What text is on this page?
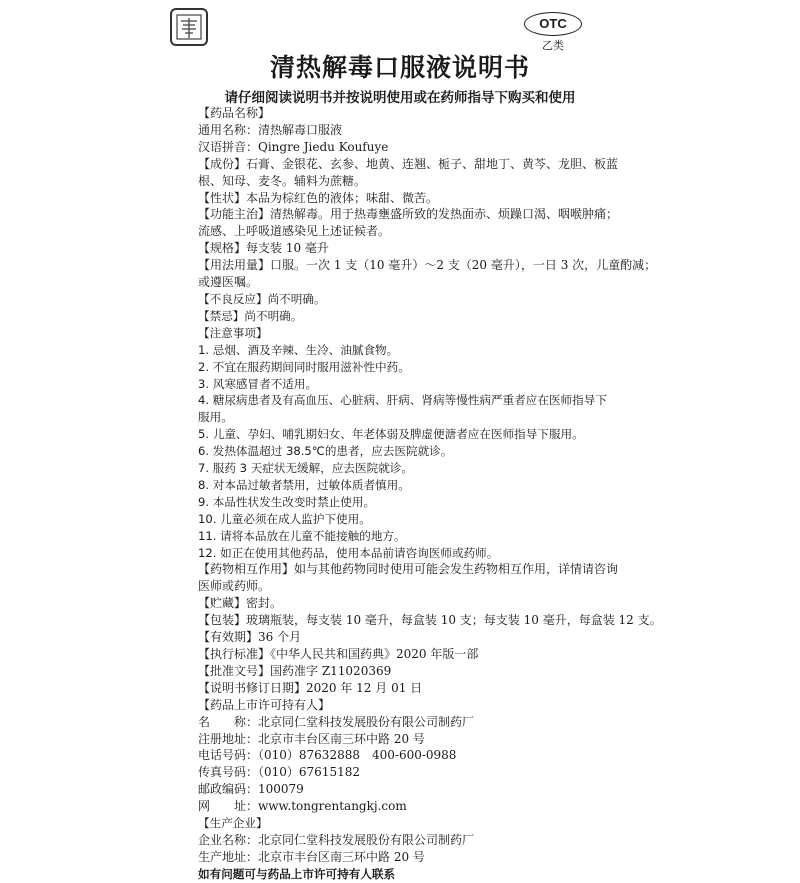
OTC
乙类
清热解毒口服液说明书
请仔细阅读说明书并按说明使用或在药师指导下购买和使用
【药品名称】
通用名称：清热解毒口服液
汉语拼音：Qingre Jiedu Koufuye
【成份】石膏、金银花、玄参、地黄、连翘、栀子、甜地丁、黄芩、龙胆、板蓝
根、知母、麦冬。辅料为蔗糖。
【性状】本品为棕红色的液体；味甜、微苦。
【功能主治】清热解毒。用于热毒壅盛所致的发热面赤、烦躁口渴、咽喉肿痛；
流感、上呼吸道感染见上述证候者。
【规格】每支装 10 毫升
【用法用量】口服。一次 1 支（10 毫升）～2 支（20 毫升），一日 3 次，儿童酌减；
或遵医嘱。
【不良反应】尚不明确。
【禁忌】尚不明确。
【注意事项】
1. 忌烟、酒及辛辣、生冷、油腻食物。
2. 不宜在服药期间同时服用滋补性中药。
3. 风寒感冒者不适用。
4. 糖尿病患者及有高血压、心脏病、肝病、肾病等慢性病严重者应在医师指导下
服用。
5. 儿童、孕妇、哺乳期妇女、年老体弱及脾虚便溏者应在医师指导下服用。
6. 发热体温超过 38.5℃的患者，应去医院就诊。
7. 服药 3 天症状无缓解，应去医院就诊。
8. 对本品过敏者禁用，过敏体质者慎用。
9. 本品性状发生改变时禁止使用。
10. 儿童必须在成人监护下使用。
11. 请将本品放在儿童不能接触的地方。
12. 如正在使用其他药品，使用本品前请咨询医师或药师。
【药物相互作用】如与其他药物同时使用可能会发生药物相互作用，详情请咨询
医师或药师。
【贮藏】密封。
【包装】玻璃瓶装，每支装 10 毫升，每盒装 10 支；每支装 10 毫升，每盒装 12 支。
【有效期】36 个月
【执行标准】《中华人民共和国药典》2020 年版一部
【批准文号】国药准字 Z11020369
【说明书修订日期】2020 年 12 月 01 日
【药品上市许可持有人】
名　　称：北京同仁堂科技发展股份有限公司制药厂
注册地址：北京市丰台区南三环中路 20 号
电话号码：（010）87632888　400-600-0988
传真号码：（010）67615182
邮政编码：100079
网　　址：www.tongrentangkj.com
【生产企业】
企业名称：北京同仁堂科技发展股份有限公司制药厂
生产地址：北京市丰台区南三环中路 20 号
如有问题可与药品上市许可持有人联系
